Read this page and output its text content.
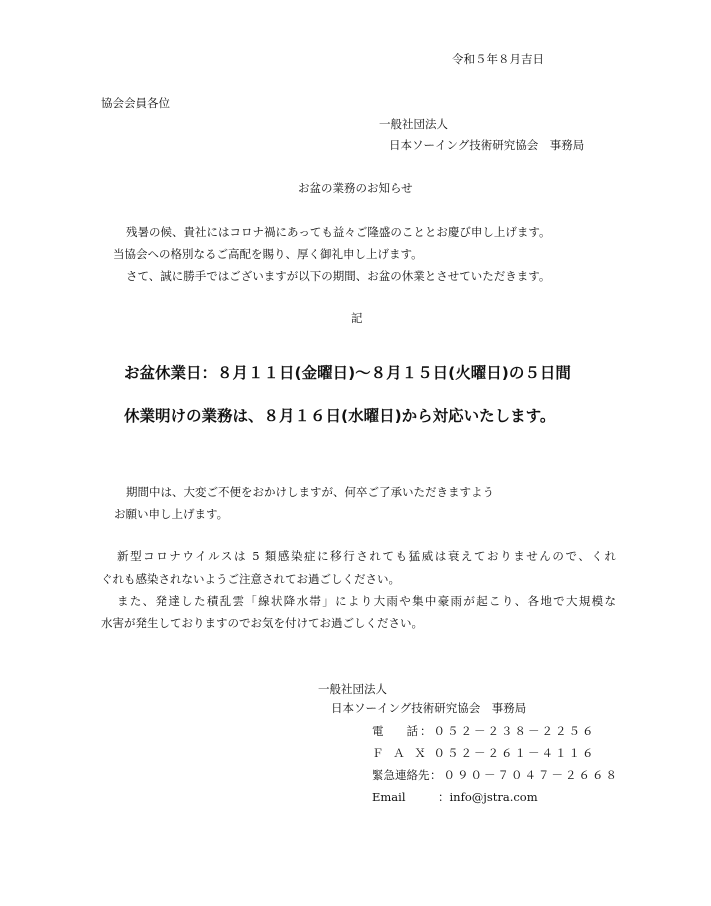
令和５年８月吉日
協会会員各位
一般社団法人
日本ソーイング技術研究協会　事務局
お盆の業務のお知らせ
残暑の候、貴社にはコロナ禍にあっても益々ご隆盛のこととお慶び申し上げます。
当協会への格別なるご高配を賜り、厚く御礼申し上げます。
さて、誠に勝手ではございますが以下の期間、お盆の休業とさせていただきます。
記
お盆休業日：８月１１日(金曜日)～８月１５日(火曜日)の５日間
休業明けの業務は、８月１６日(水曜日)から対応いたします。
期間中は、大変ご不便をおかけしますが、何卒ご了承いただきますよう
お願い申し上げます。
新型コロナウイルスは 5 類感染症に移行されても猛威は衰えておりませんので、くれ
ぐれも感染されないようご注意されてお過ごしください。
また、発達した積乱雲「線状降水帯」により大雨や集中豪雨が起こり、各地で大規模な
水害が発生しておりますのでお気を付けてお過ごしください。
一般社団法人
日本ソーイング技術研究協会　事務局
電　　話 ：０５２－２３８－２２５６
Ｆ Ａ Ｘ：０５２－２６１－４１１６
緊急連絡先：０９０－７０４７－２６６８
Email	：info@jstra.com
